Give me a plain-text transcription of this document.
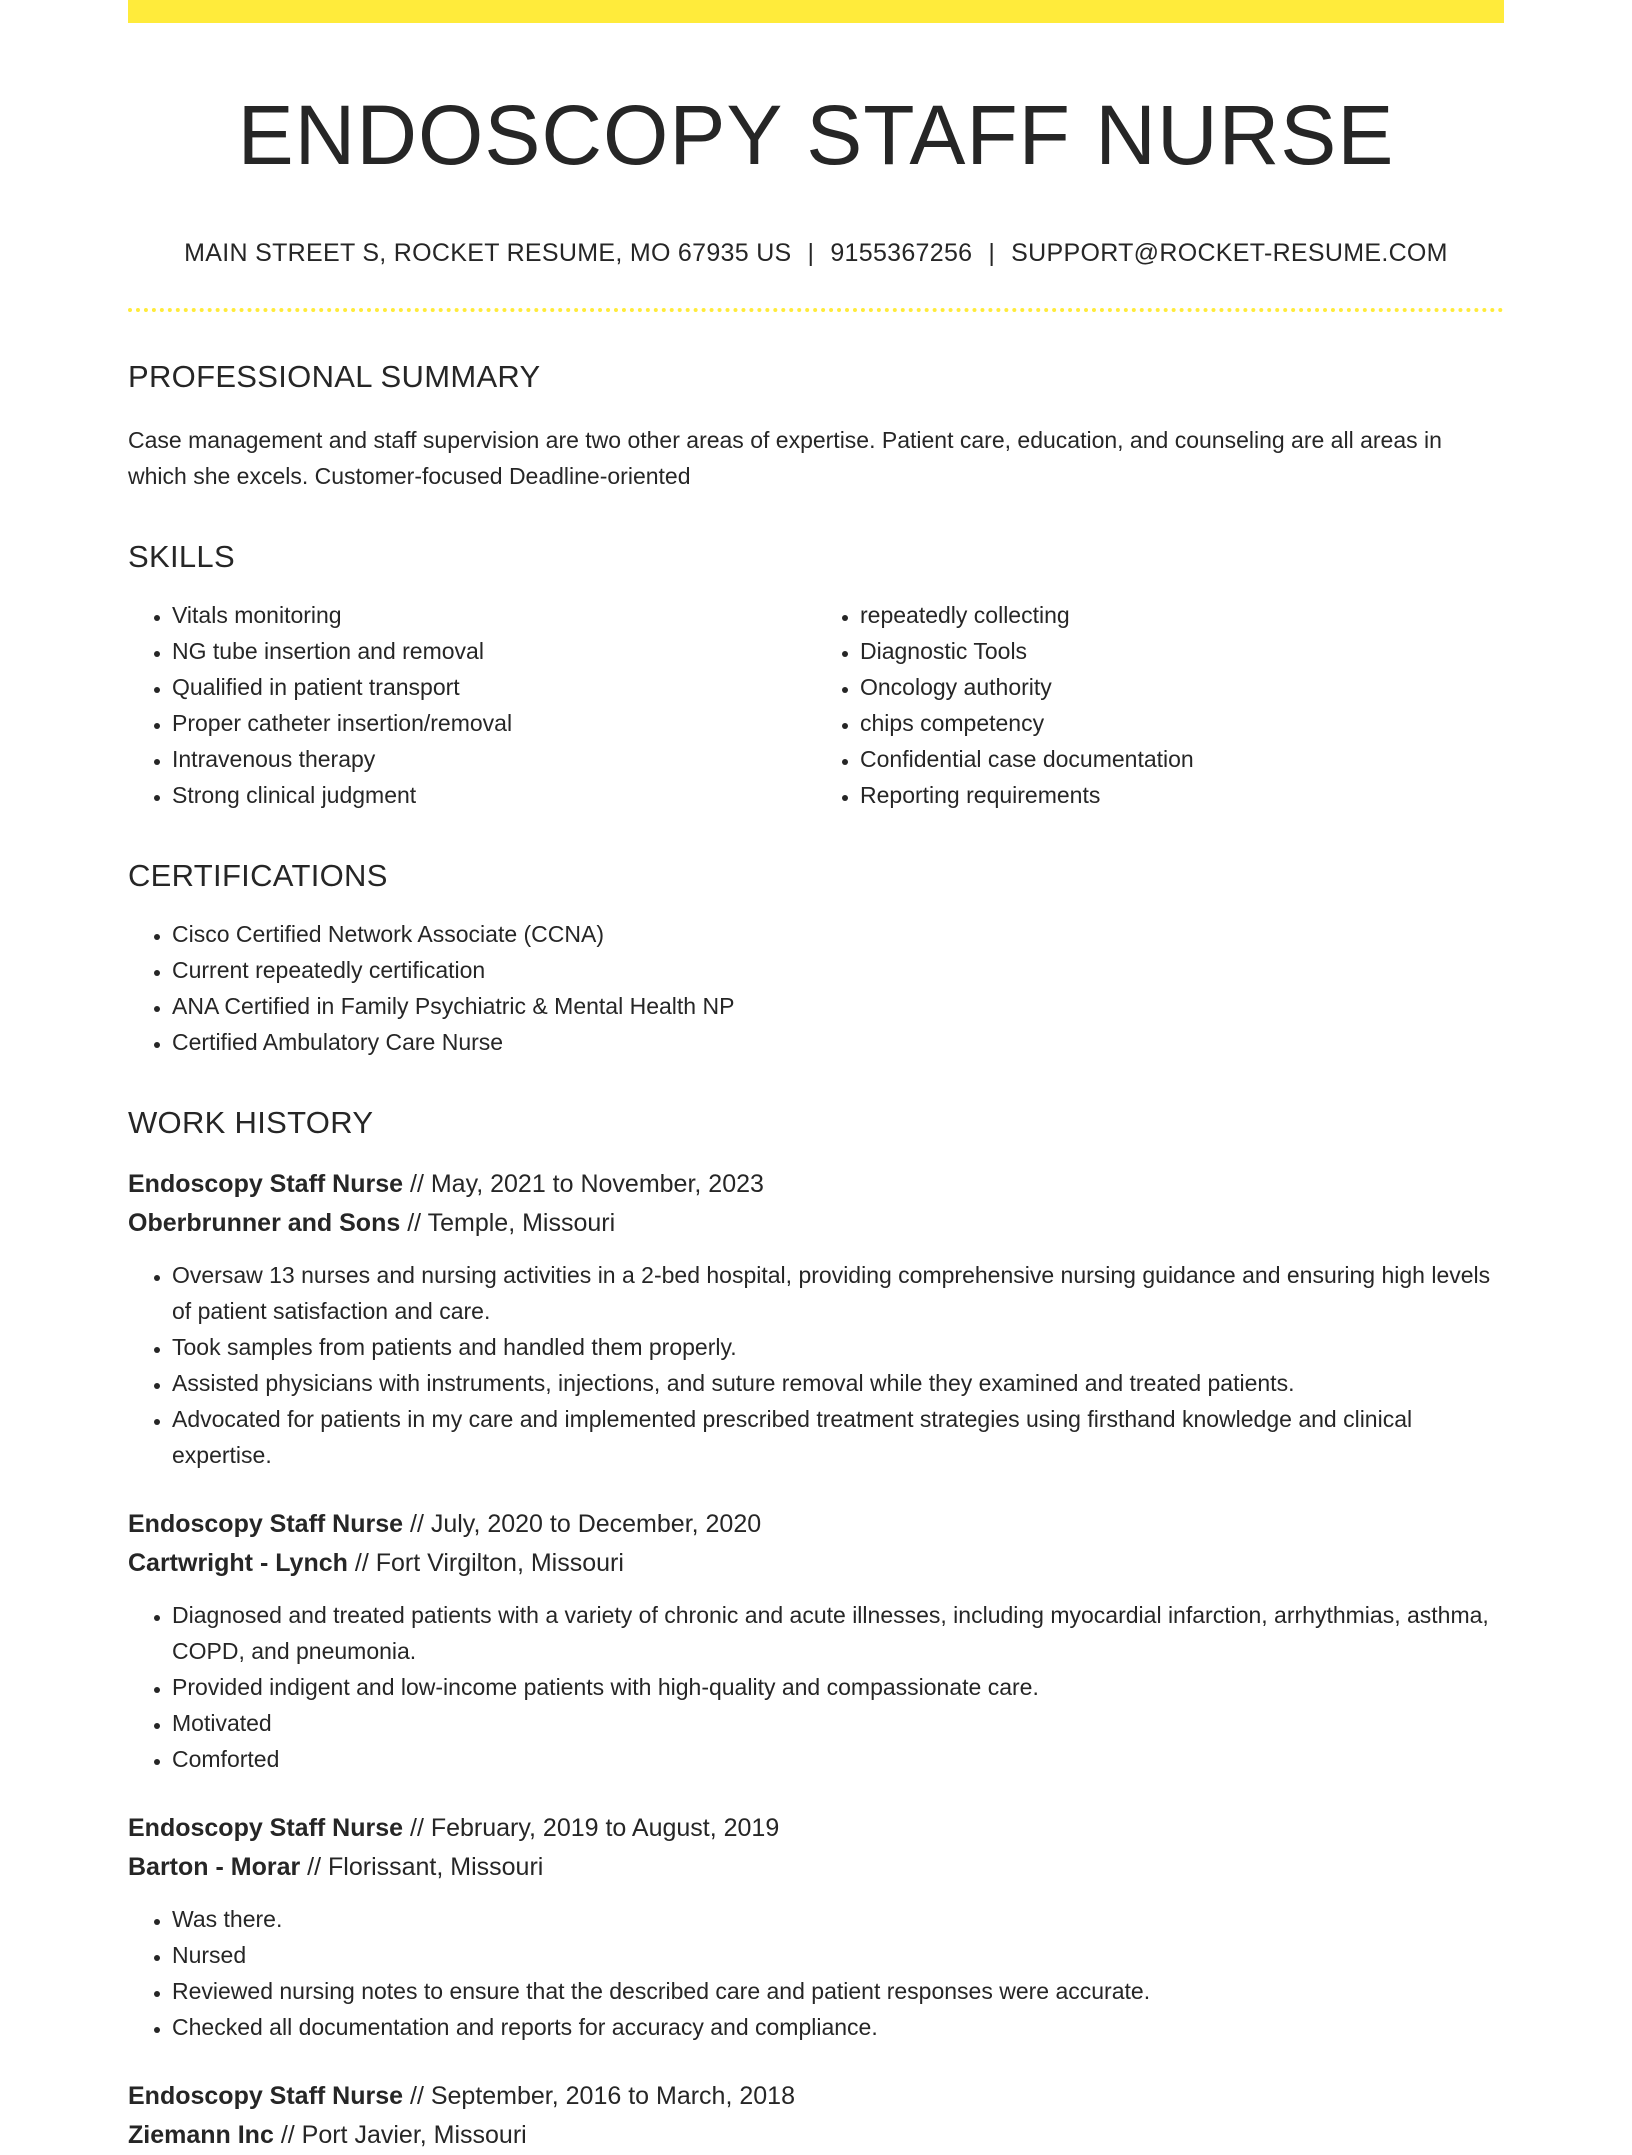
ENDOSCOPY STAFF NURSE
MAIN STREET S, ROCKET RESUME, MO 67935 US | 9155367256 | SUPPORT@ROCKET-RESUME.COM
PROFESSIONAL SUMMARY

Case management and staff supervision are two other areas of expertise. Patient care, education, and counseling are all areas in which she excels. Customer-focused Deadline-oriented

SKILLS
• Vitals monitoring
• NG tube insertion and removal
• Qualified in patient transport
• Proper catheter insertion/removal
• Intravenous therapy
• Strong clinical judgment
• repeatedly collecting
• Diagnostic Tools
• Oncology authority
• chips competency
• Confidential case documentation
• Reporting requirements
CERTIFICATIONS
• Cisco Certified Network Associate (CCNA)
• Current repeatedly certification
• ANA Certified in Family Psychiatric & Mental Health NP
• Certified Ambulatory Care Nurse
WORK HISTORY
Endoscopy Staff Nurse // May, 2021 to November, 2023
Oberbrunner and Sons // Temple, Missouri
• Oversaw 13 nurses and nursing activities in a 2-bed hospital, providing comprehensive nursing guidance and ensuring high levels of patient satisfaction and care.
• Took samples from patients and handled them properly.
• Assisted physicians with instruments, injections, and suture removal while they examined and treated patients.
• Advocated for patients in my care and implemented prescribed treatment strategies using firsthand knowledge and clinical expertise.
Endoscopy Staff Nurse // July, 2020 to December, 2020
Cartwright - Lynch // Fort Virgilton, Missouri
• Diagnosed and treated patients with a variety of chronic and acute illnesses, including myocardial infarction, arrhythmias, asthma, COPD, and pneumonia.
• Provided indigent and low-income patients with high-quality and compassionate care.
• Motivated
• Comforted
Endoscopy Staff Nurse // February, 2019 to August, 2019
Barton - Morar // Florissant, Missouri
• Was there.
• Nursed
• Reviewed nursing notes to ensure that the described care and patient responses were accurate.
• Checked all documentation and reports for accuracy and compliance.
Endoscopy Staff Nurse // September, 2016 to March, 2018
Ziemann Inc // Port Javier, Missouri
